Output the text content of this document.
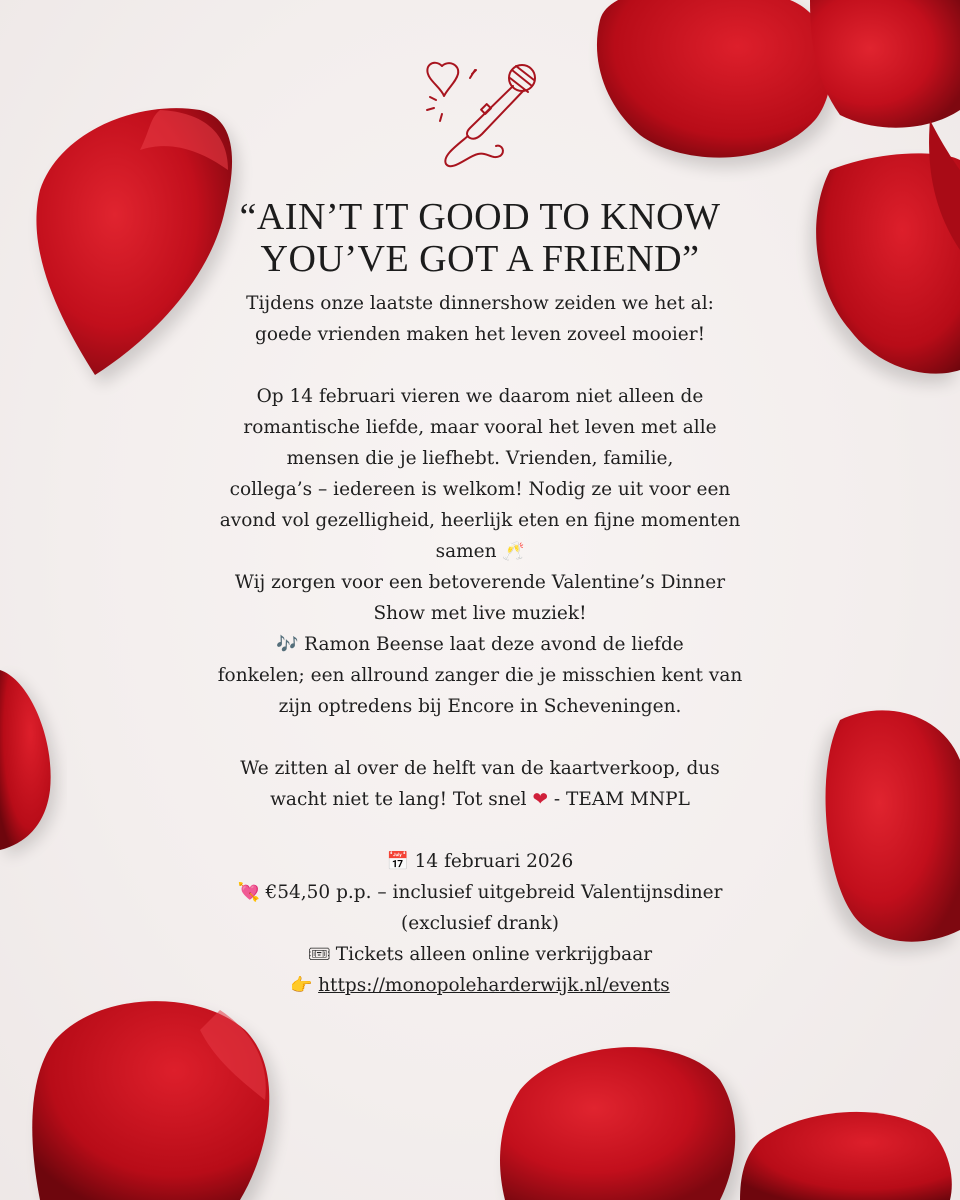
“AIN’T IT GOOD TO KNOW
YOU’VE GOT A FRIEND”
Tijdens onze laatste dinnershow zeiden we het al:
goede vrienden maken het leven zoveel mooier!
Op 14 februari vieren we daarom niet alleen de
romantische liefde, maar vooral het leven met alle
mensen die je liefhebt. Vrienden, familie,
collega’s – iedereen is welkom! Nodig ze uit voor een
avond vol gezelligheid, heerlijk eten en fijne momenten
samen 🥂
Wij zorgen voor een betoverende Valentine’s Dinner
Show met live muziek!
🎶 Ramon Beense laat deze avond de liefde
fonkelen; een allround zanger die je misschien kent van
zijn optredens bij Encore in Scheveningen.
We zitten al over de helft van de kaartverkoop, dus
wacht niet te lang! Tot snel ❤ - TEAM MNPL
📅 14 februari 2026
💘 €54,50 p.p. – inclusief uitgebreid Valentijnsdiner
(exclusief drank)
🎟 Tickets alleen online verkrijgbaar
👉 https://monopoleharderwijk.nl/events
